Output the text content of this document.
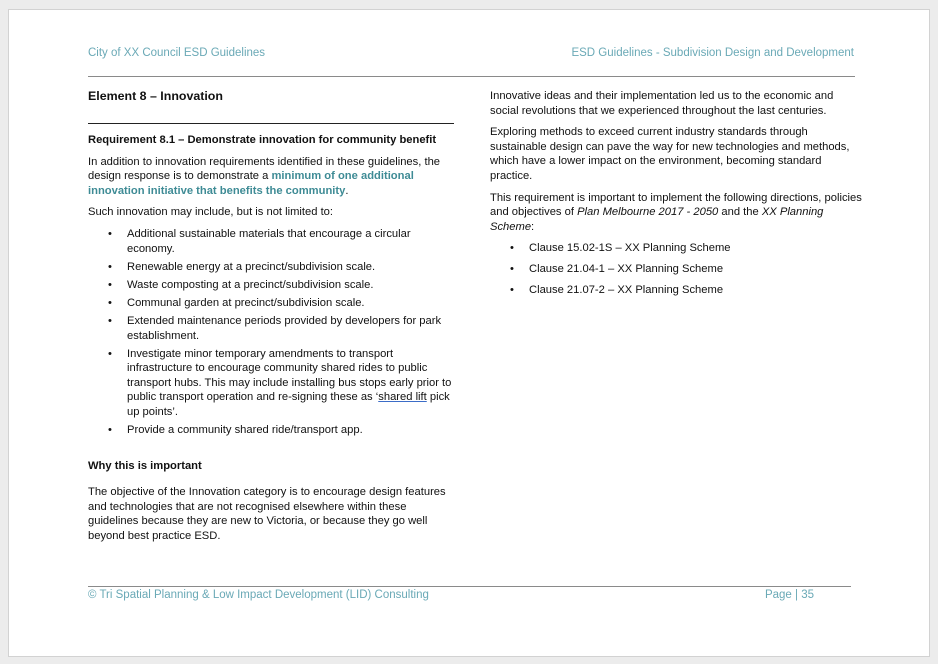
City of XX Council ESD Guidelines	ESD Guidelines - Subdivision Design and Development
Element 8 – Innovation
Requirement 8.1 – Demonstrate innovation for community benefit

In addition to innovation requirements identified in these guidelines, the design response is to demonstrate a minimum of one additional innovation initiative that benefits the community.

Such innovation may include, but is not limited to:

• Additional sustainable materials that encourage a circular economy.
• Renewable energy at a precinct/subdivision scale.
• Waste composting at a precinct/subdivision scale.
• Communal garden at precinct/subdivision scale.
• Extended maintenance periods provided by developers for park establishment.
• Investigate minor temporary amendments to transport infrastructure to encourage community shared rides to public transport hubs. This may include installing bus stops early prior to public transport operation and re-signing these as ‘shared lift pick up points’.
• Provide a community shared ride/transport app.
Why this is important

The objective of the Innovation category is to encourage design features and technologies that are not recognised elsewhere within these guidelines because they are new to Victoria, or because they go well beyond best practice ESD.

Innovative ideas and their implementation led us to the economic and social revolutions that we experienced throughout the last centuries.

Exploring methods to exceed current industry standards through sustainable design can pave the way for new technologies and methods, which have a lower impact on the environment, becoming standard practice.

This requirement is important to implement the following directions, policies and objectives of Plan Melbourne 2017 - 2050 and the XX Planning Scheme:

• Clause 15.02-1S – XX Planning Scheme
• Clause 21.04-1 – XX Planning Scheme
• Clause 21.07-2 – XX Planning Scheme
© Tri Spatial Planning & Low Impact Development (LID) Consulting	Page | 35
